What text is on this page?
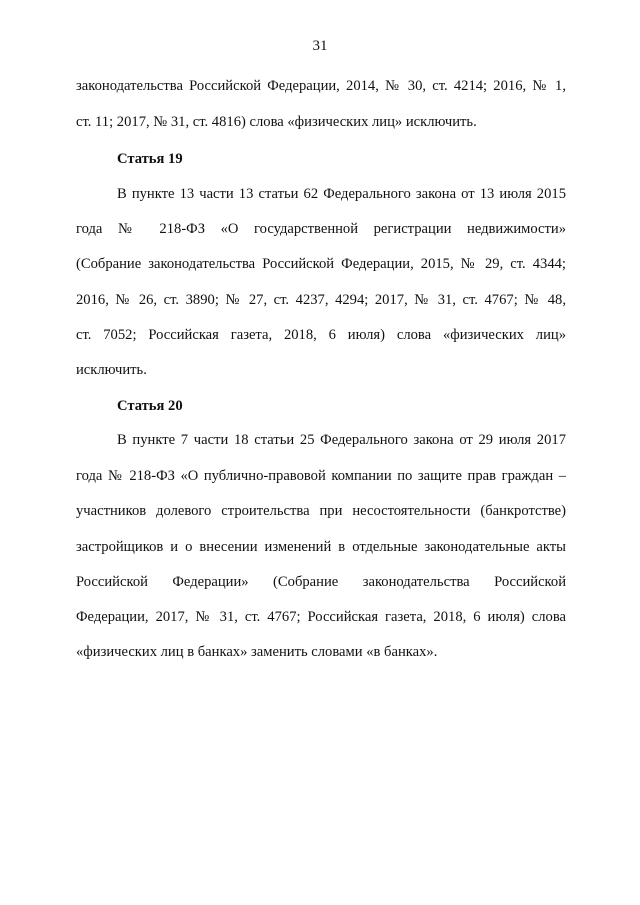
31
законодательства Российской Федерации, 2014, № 30, ст. 4214; 2016, № 1,
ст. 11; 2017, № 31, ст. 4816) слова «физических лиц» исключить.
Статья 19
В пункте 13 части 13 статьи 62 Федерального закона от 13 июля 2015
года № 218-ФЗ «О государственной регистрации недвижимости»
(Собрание законодательства Российской Федерации, 2015, № 29, ст. 4344;
2016, № 26, ст. 3890; № 27, ст. 4237, 4294; 2017, № 31, ст. 4767; № 48,
ст. 7052; Российская газета, 2018, 6 июля) слова «физических лиц»
исключить.
Статья 20
В пункте 7 части 18 статьи 25 Федерального закона от 29 июля 2017
года № 218-ФЗ «О публично-правовой компании по защите прав граждан –
участников долевого строительства при несостоятельности (банкротстве)
застройщиков и о внесении изменений в отдельные законодательные акты
Российской Федерации» (Собрание законодательства Российской
Федерации, 2017, № 31, ст. 4767; Российская газета, 2018, 6 июля) слова
«физических лиц в банках» заменить словами «в банках».
